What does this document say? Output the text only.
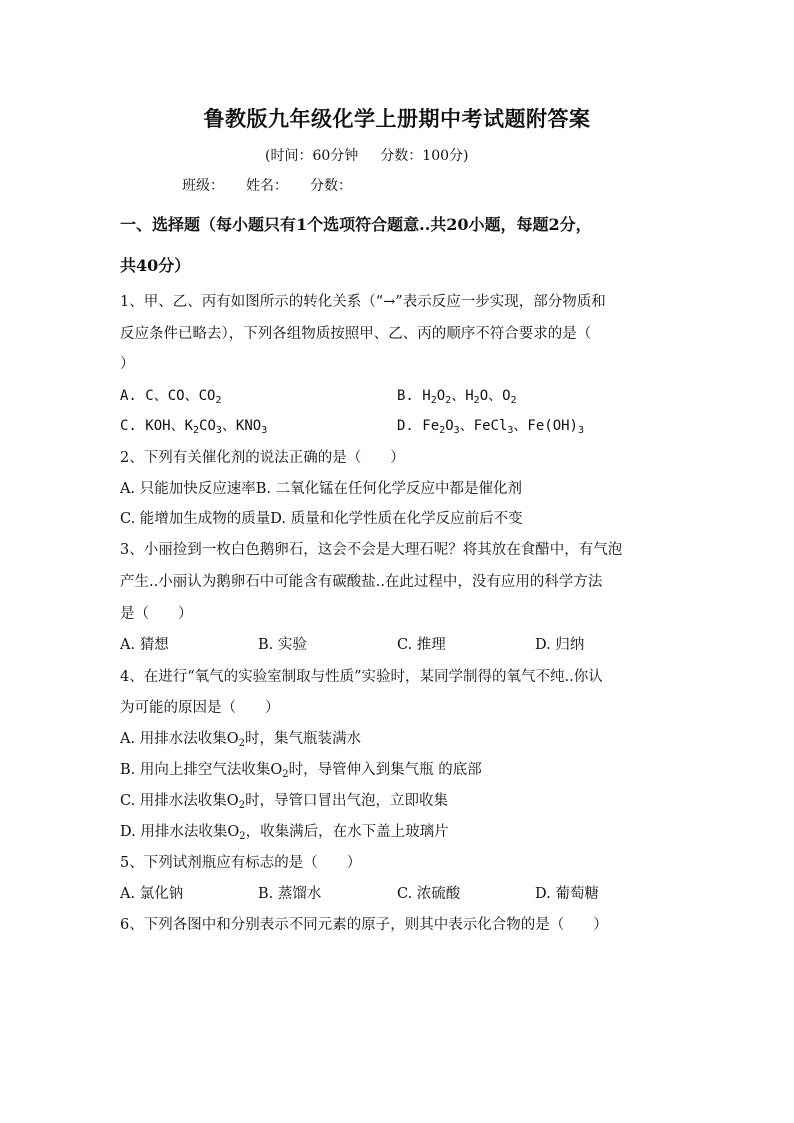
鲁教版九年级化学上册期中考试题附答案
(时间：60分钟 分数：100分)
班级： 姓名： 分数：
一、选择题（每小题只有1个选项符合题意..共20小题，每题2分，
共40分）
1、甲、乙、丙有如图所示的转化关系（“→”表示反应一步实现，部分物质和
反应条件已略去），下列各组物质按照甲、乙、丙的顺序不符合要求的是（
）
A. C、CO、$CO_2$	B. $H_2O_2$、$H_2O$、$O_2$
C. KOH、$K_2CO_3$、$KNO_3$	D. $Fe_2O_3$、FeCl$_3$、$Fe(OH)_3$
2、下列有关催化剂的说法正确的是（　　）
A. 只能加快反应速率B. 二氧化锰在任何化学反应中都是催化剂
C. 能增加生成物的质量D. 质量和化学性质在化学反应前后不变
3、小丽捡到一枚白色鹅卵石，这会不会是大理石呢？将其放在食醋中，有气泡
产生..小丽认为鹅卵石中可能含有碳酸盐..在此过程中，没有应用的科学方法
是（　　）
A. 猜想	B. 实验	C. 推理	D. 归纳
4、在进行“氧气的实验室制取与性质”实验时，某同学制得的氧气不纯..你认
为可能的原因是（　　）
A. 用排水法收集$O_2$时，集气瓶装满水
B. 用向上排空气法收集$O_2$时，导管伸入到集气瓶 的底部
C. 用排水法收集$O_2$时，导管口冒出气泡，立即收集
D. 用排水法收集$O_2$，收集满后，在水下盖上玻璃片
5、下列试剂瓶应有标志的是（　　）
A. 氯化钠	B. 蒸馏水	C. 浓硫酸	D. 葡萄糖
6、下列各图中和分别表示不同元素的原子，则其中表示化合物的是（　　）
